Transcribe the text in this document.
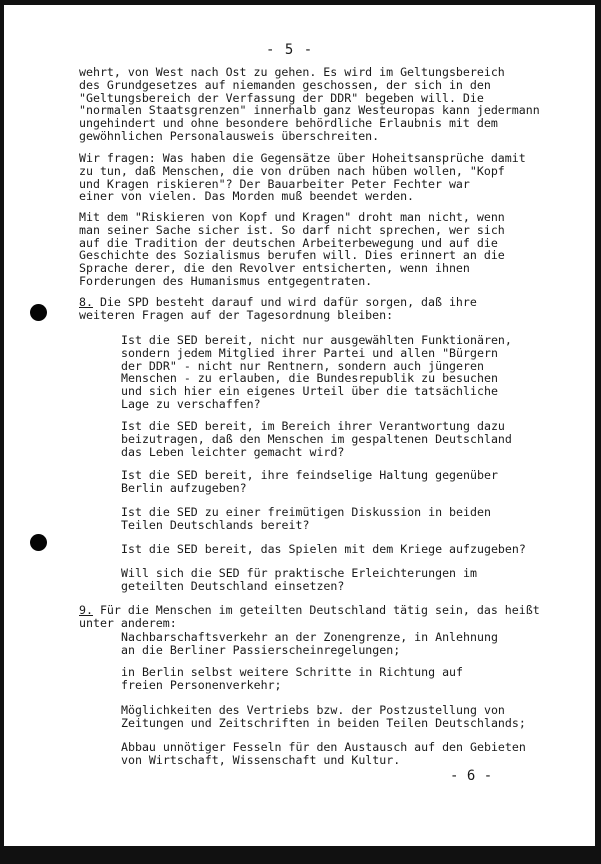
- 5 -

wehrt, von West nach Ost zu gehen. Es wird im Geltungsbereich
des Grundgesetzes auf niemanden geschossen, der sich in den
"Geltungsbereich der Verfassung der DDR" begeben will. Die
"normalen Staatsgrenzen" innerhalb ganz Westeuropas kann jedermann
ungehindert und ohne besondere behördliche Erlaubnis mit dem
gewöhnlichen Personalausweis überschreiten.

Wir fragen: Was haben die Gegensätze über Hoheitsansprüche damit
zu tun, daß Menschen, die von drüben nach hüben wollen, "Kopf
und Kragen riskieren"? Der Bauarbeiter Peter Fechter war
einer von vielen. Das Morden muß beendet werden.

Mit dem "Riskieren von Kopf und Kragen" droht man nicht, wenn
man seiner Sache sicher ist. So darf nicht sprechen, wer sich
auf die Tradition der deutschen Arbeiterbewegung und auf die
Geschichte des Sozialismus berufen will. Dies erinnert an die
Sprache derer, die den Revolver entsicherten, wenn ihnen
Forderungen des Humanismus entgegentraten.

8. Die SPD besteht darauf und wird dafür sorgen, daß ihre
weiteren Fragen auf der Tagesordnung bleiben:

Ist die SED bereit, nicht nur ausgewählten Funktionären,
sondern jedem Mitglied ihrer Partei und allen "Bürgern
der DDR" - nicht nur Rentnern, sondern auch jüngeren
Menschen - zu erlauben, die Bundesrepublik zu besuchen
und sich hier ein eigenes Urteil über die tatsächliche
Lage zu verschaffen?

Ist die SED bereit, im Bereich ihrer Verantwortung dazu
beizutragen, daß den Menschen im gespaltenen Deutschland
das Leben leichter gemacht wird?

Ist die SED bereit, ihre feindselige Haltung gegenüber
Berlin aufzugeben?

Ist die SED zu einer freimütigen Diskussion in beiden
Teilen Deutschlands bereit?

Ist die SED bereit, das Spielen mit dem Kriege aufzugeben?

Will sich die SED für praktische Erleichterungen im
geteilten Deutschland einsetzen?

9. Für die Menschen im geteilten Deutschland tätig sein, das heißt
unter anderem:

Nachbarschaftsverkehr an der Zonengrenze, in Anlehnung
an die Berliner Passierscheinregelungen;

in Berlin selbst weitere Schritte in Richtung auf
freien Personenverkehr;

Möglichkeiten des Vertriebs bzw. der Postzustellung von
Zeitungen und Zeitschriften in beiden Teilen Deutschlands;

Abbau unnötiger Fesseln für den Austausch auf den Gebieten
von Wirtschaft, Wissenschaft und Kultur.

- 6 -
